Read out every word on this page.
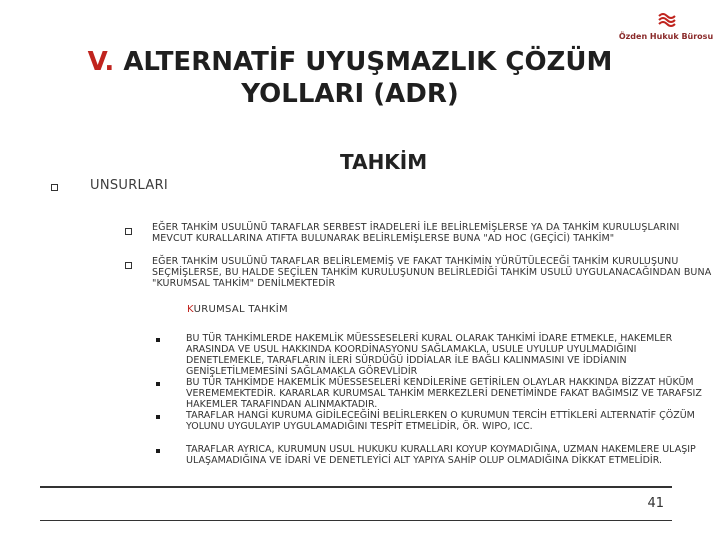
Özden Hukuk Bürosu
V. ALTERNATİF UYUŞMAZLIK ÇÖZÜM
YOLLARI (ADR)
TAHKİM
UNSURLARI
EĞER TAHKİM USULÜNÜ TARAFLAR SERBEST İRADELERİ İLE BELİRLEMİŞLERSE YA DA TAHKİM KURULUŞLARINI MEVCUT KURALLARINA ATIFTA BULUNARAK BELİRLEMİŞLERSE BUNA "AD HOC (GEÇİCİ) TAHKİM"
EĞER TAHKİM USULÜNÜ TARAFLAR BELİRLEMEMİŞ VE FAKAT TAHKİMİN YÜRÜTÜLECEĞİ TAHKİM KURULUŞUNU SEÇMİŞLERSE, BU HALDE SEÇİLEN TAHKİM KURULUŞUNUN BELİRLEDİĞİ TAHKİM USULÜ UYGULANACAĞINDAN BUNA "KURUMSAL TAHKİM" DENİLMEKTEDİR
KURUMSAL TAHKİM
BU TÜR TAHKİMLERDE HAKEMLİK MÜESSESELERİ KURAL OLARAK TAHKİMİ İDARE ETMEKLE, HAKEMLER ARASINDA VE USUL HAKKINDA KOORDİNASYONU SAĞLAMAKLA, USULE UYULUP UYULMADIĞINI DENETLEMEKLE, TARAFLARIN İLERİ SÜRDÜĞÜ İDDİALAR İLE BAĞLI KALINMASINI VE İDDİANIN GENİŞLETİLMEMESİNİ SAĞLAMAKLA GÖREVLİDİR
BU TÜR TAHKİMDE HAKEMLİK MÜESSESELERİ KENDİLERİNE GETİRİLEN OLAYLAR HAKKINDA BİZZAT HÜKÜM VEREMEMEKTEDİR. KARARLAR KURUMSAL TAHKİM MERKEZLERİ DENETİMİNDE FAKAT BAĞIMSIZ VE TARAFSIZ HAKEMLER TARAFINDAN ALINMAKTADIR.
TARAFLAR HANGİ KURUMA GİDİLECEĞİNİ BELİRLERKEN O KURUMUN TERCİH ETTİKLERİ ALTERNATİF ÇÖZÜM YOLUNU UYGULAYIP UYGULAMADIĞINI TESPİT ETMELİDİR, ÖR. WIPO, ICC.
TARAFLAR AYRICA, KURUMUN USUL HUKUKU KURALLARI KOYUP KOYMADIĞINA, UZMAN HAKEMLERE ULAŞIP ULAŞAMADIĞINA VE İDARİ VE DENETLEYİCİ ALT YAPIYA SAHİP OLUP OLMADIĞINA DİKKAT ETMELİDİR.
41
